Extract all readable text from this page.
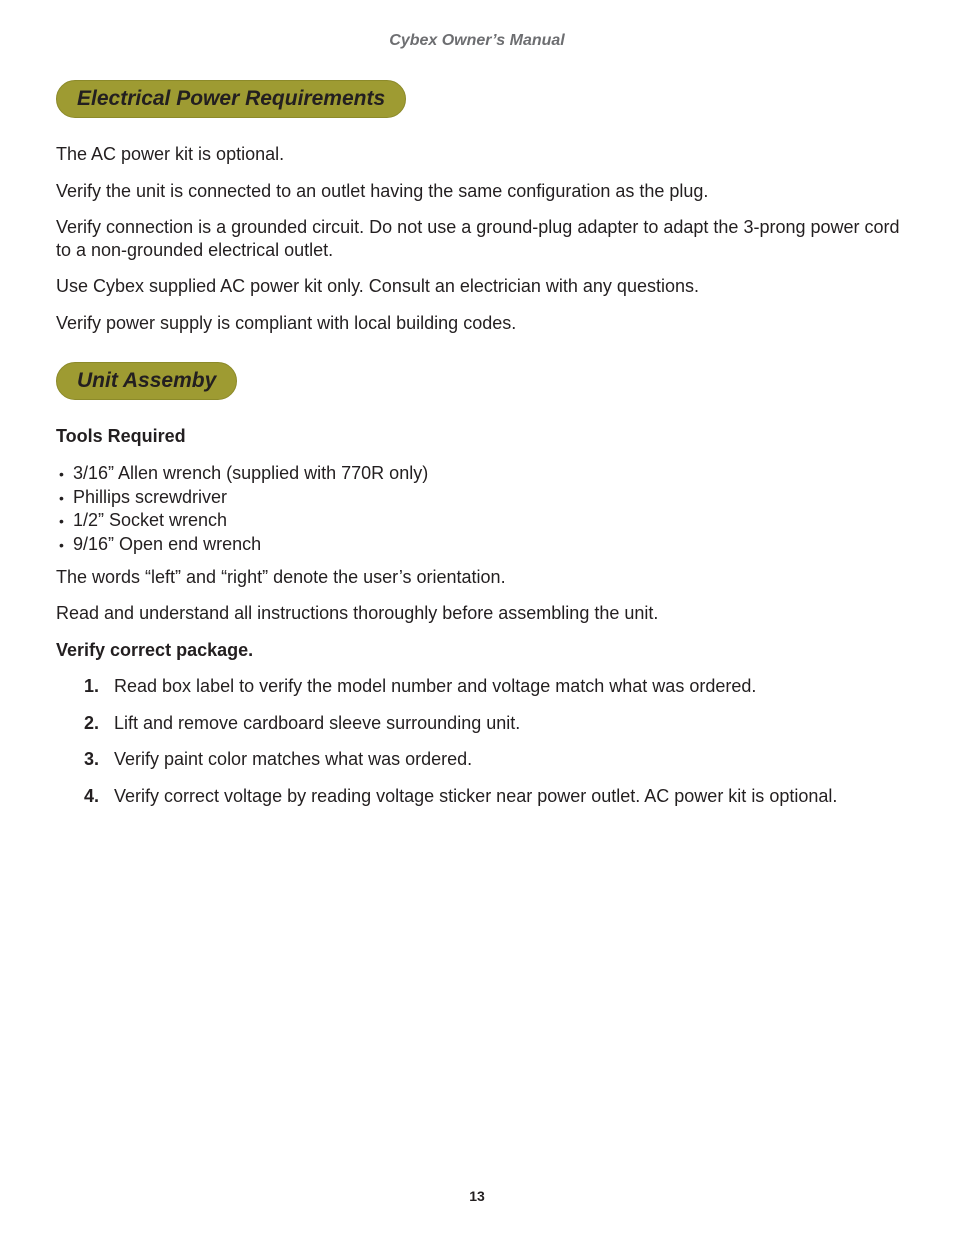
Cybex Owner’s Manual
Electrical Power Requirements

The AC power kit is optional.

Verify the unit is connected to an outlet having the same configuration as the plug.

Verify connection is a grounded circuit. Do not use a ground-plug adapter to adapt the 3-prong power cord to a non-grounded electrical outlet.

Use Cybex supplied AC power kit only. Consult an electrician with any questions.

Verify power supply is compliant with local building codes.

Unit Assemby

Tools Required

• 3/16” Allen wrench (supplied with 770R only)
• Phillips screwdriver
• 1/2” Socket wrench
• 9/16” Open end wrench

The words “left” and “right” denote the user’s orientation.

Read and understand all instructions thoroughly before assembling the unit.

Verify correct package.

1. Read box label to verify the model number and voltage match what was ordered.
2. Lift and remove cardboard sleeve surrounding unit.
3. Verify paint color matches what was ordered.
4. Verify correct voltage by reading voltage sticker near power outlet. AC power kit is optional.
13
